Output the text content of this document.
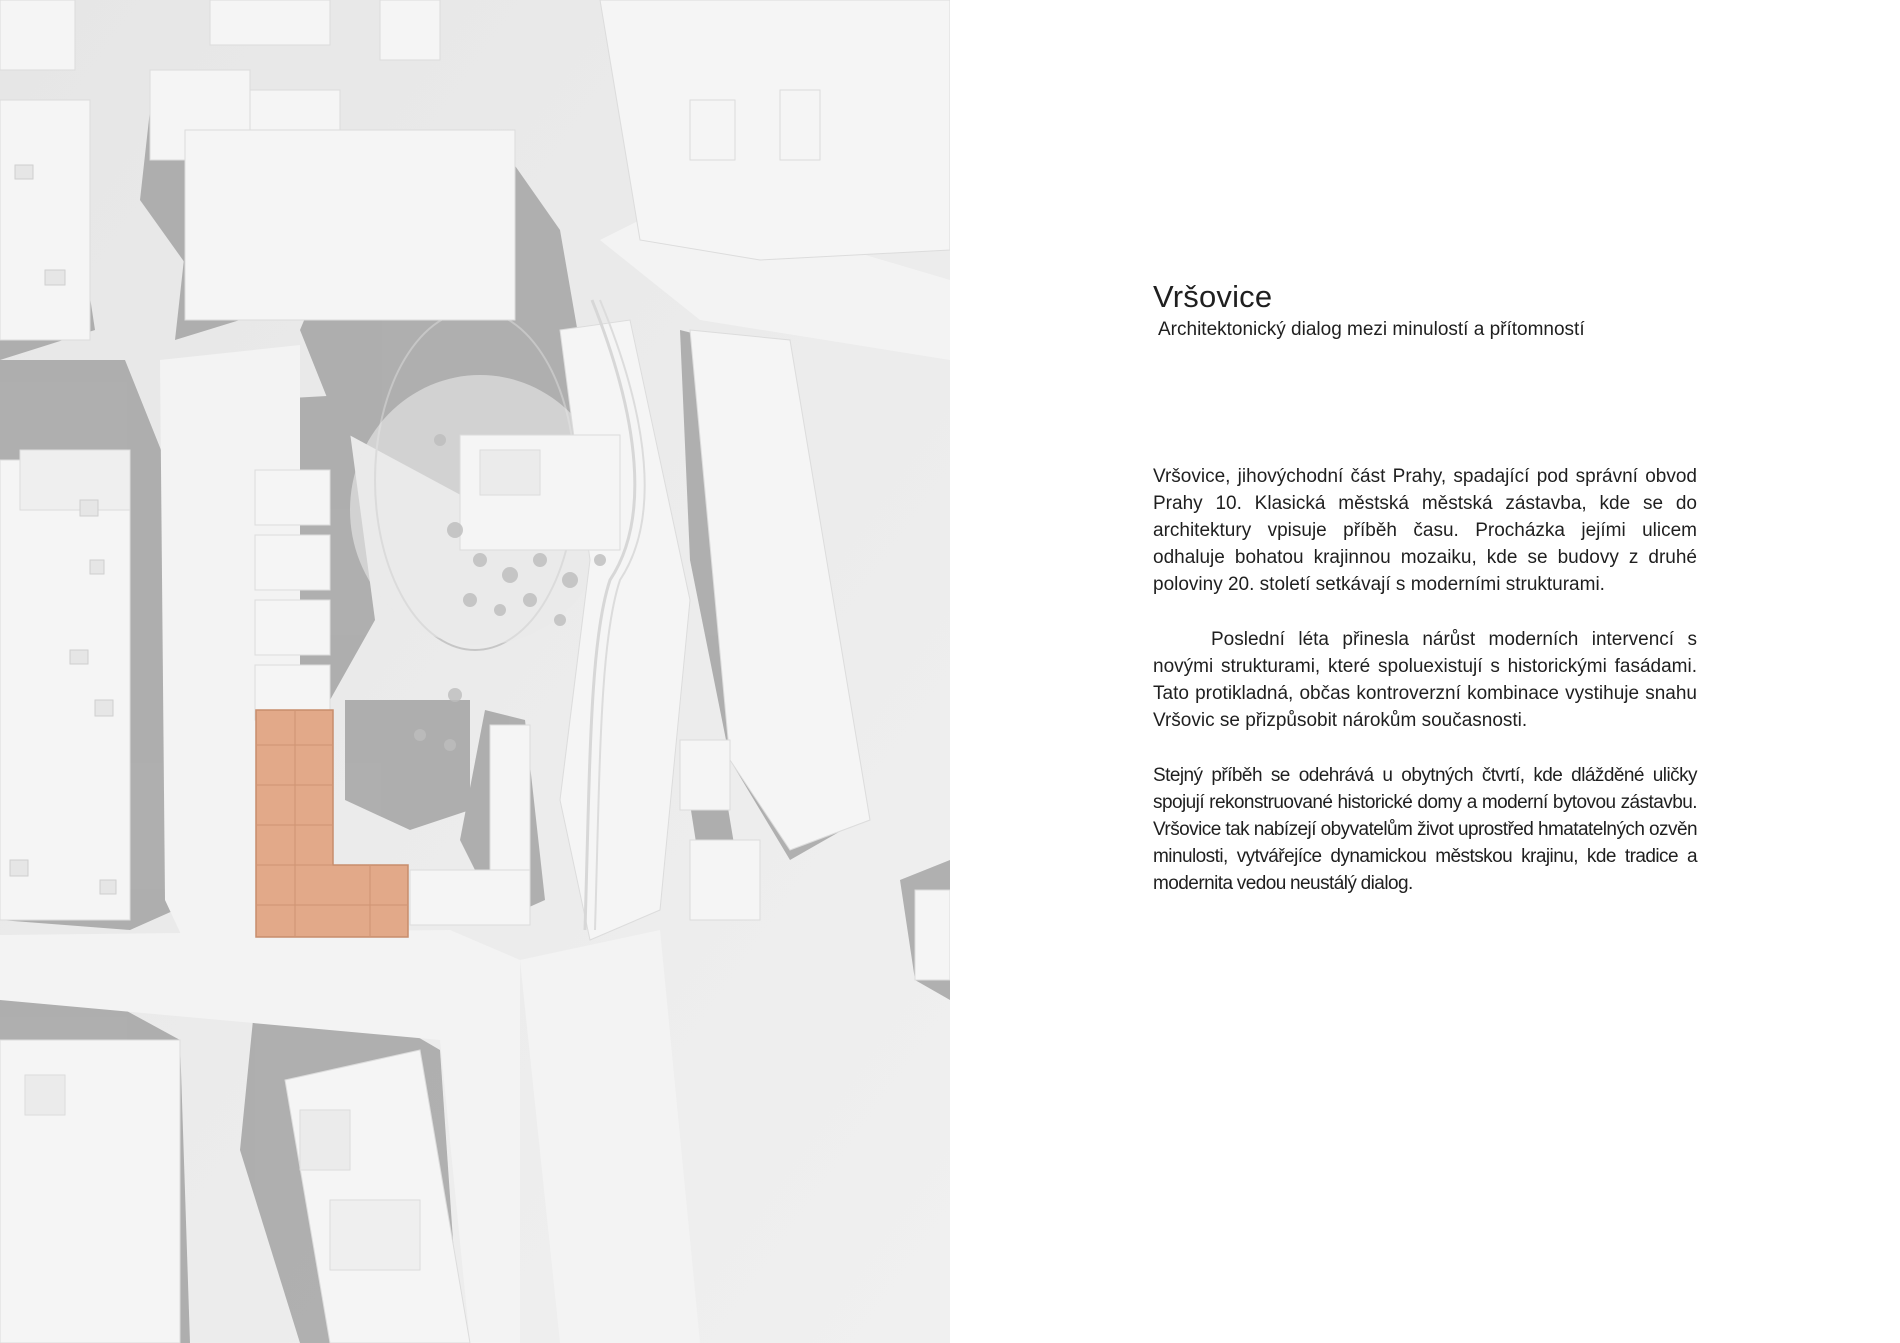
Vršovice
Architektonický dialog mezi minulostí a přítomností

Vršovice, jihovýchodní část Prahy, spadající pod správní obvod Prahy 10. Klasická městská městská zástavba, kde se do architektury vpisuje příběh času. Procházka jejími ulicem odhaluje bohatou krajinnou mozaiku, kde se budovy z druhé poloviny 20. století setkávají s moderními strukturami.

Poslední léta přinesla nárůst moderních intervencí s novými strukturami, které spoluexistují s historickými fasádami. Tato protikladná, občas kontroverzní kombinace vystihuje snahu Vršovic se přizpůsobit nárokům současnosti.

Stejný příběh se odehrává u obytných čtvrtí, kde dlážděné uličky spojují rekonstruované historické domy a moderní bytovou zástavbu. Vršovice tak nabízejí obyvatelům život uprostřed hmatatelných ozvěn minulosti, vytvářejíce dynamickou městskou krajinu, kde tradice a modernita vedou neustálý dialog.
